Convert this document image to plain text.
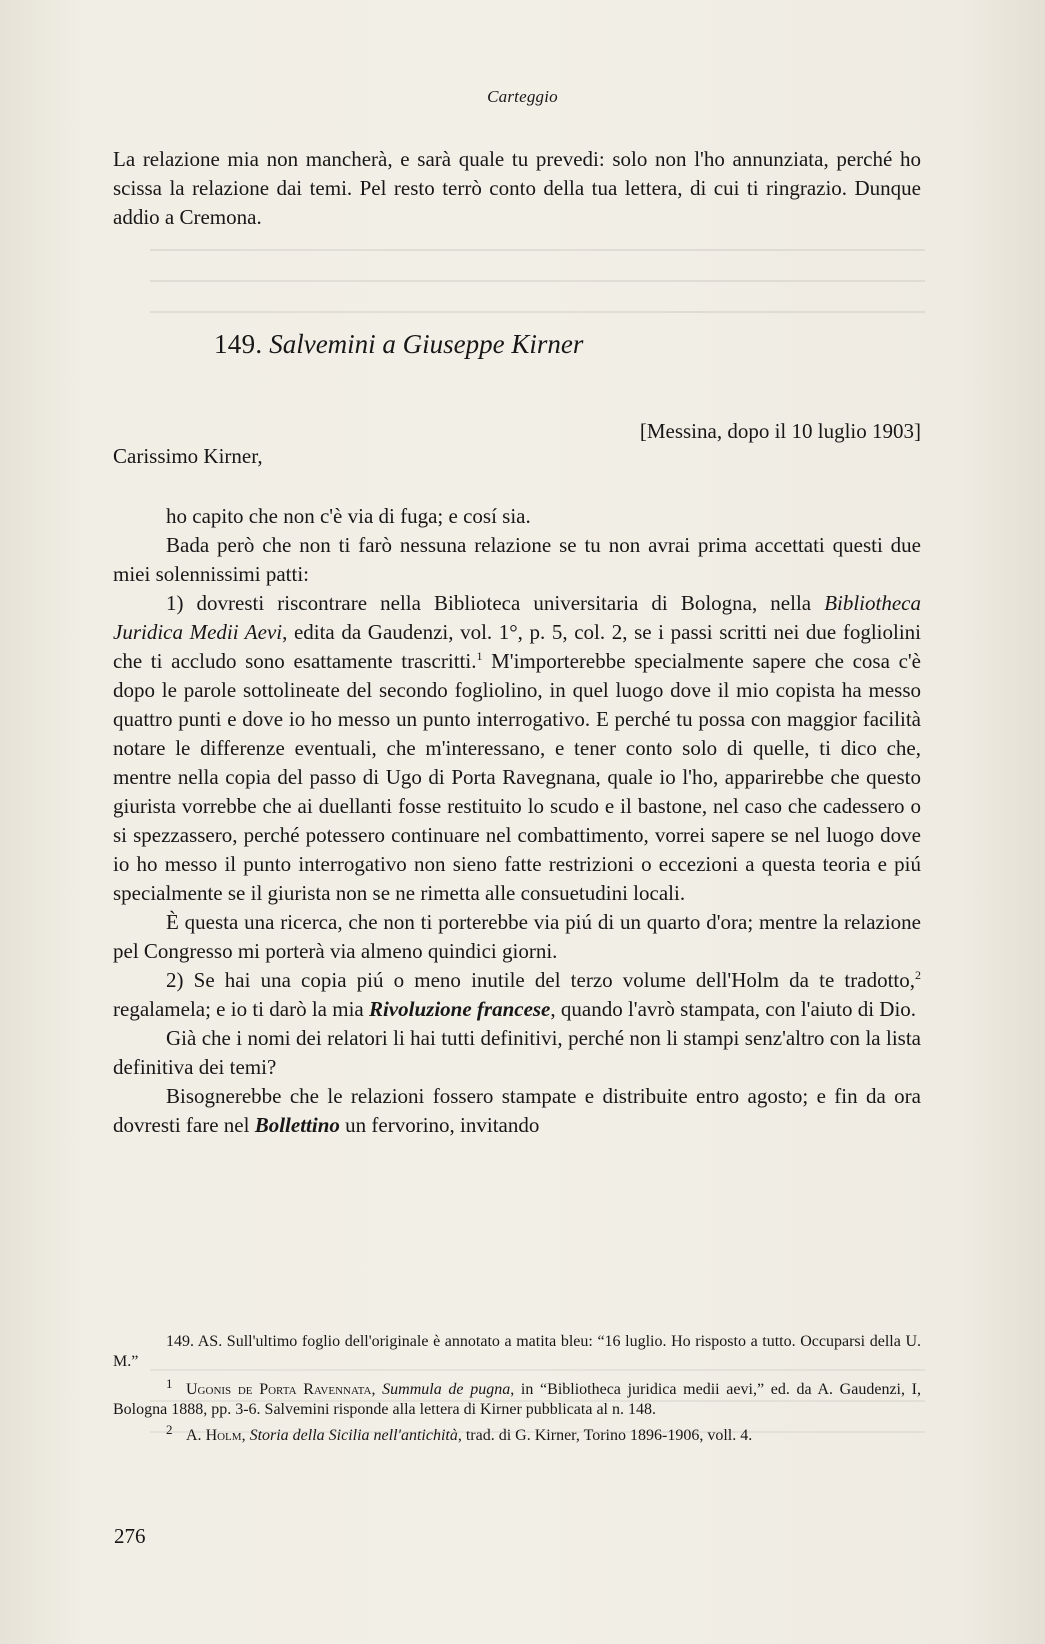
Carteggio

La relazione mia non mancherà, e sarà quale tu prevedi: solo non l'ho annunziata, perché ho scissa la relazione dai temi. Pel resto terrò conto della tua lettera, di cui ti ringrazio. Dunque addio a Cremona.

149. Salvemini a Giuseppe Kirner
[Messina, dopo il 10 luglio 1903]
Carissimo Kirner,

ho capito che non c'è via di fuga; e cosí sia.

Bada però che non ti farò nessuna relazione se tu non avrai prima accettati questi due miei solennissimi patti:

1) dovresti riscontrare nella Biblioteca universitaria di Bologna, nella Bibliotheca Juridica Medii Aevi, edita da Gaudenzi, vol. 1°, p. 5, col. 2, se i passi scritti nei due fogliolini che ti accludo sono esattamente trascritti.$^1$ M'importerebbe specialmente sapere che cosa c'è dopo le parole sottolineate del secondo fogliolino, in quel luogo dove il mio copista ha messo quattro punti e dove io ho messo un punto interrogativo. E perché tu possa con maggior facilità notare le differenze eventuali, che m'interessano, e tener conto solo di quelle, ti dico che, mentre nella copia del passo di Ugo di Porta Ravegnana, quale io l'ho, apparirebbe che questo giurista vorrebbe che ai duellanti fosse restituito lo scudo e il bastone, nel caso che cadessero o si spezzassero, perché potessero continuare nel combattimento, vorrei sapere se nel luogo dove io ho messo il punto interrogativo non sieno fatte restrizioni o eccezioni a questa teoria e piú specialmente se il giurista non se ne rimetta alle consuetudini locali.

È questa una ricerca, che non ti porterebbe via piú di un quarto d'ora; mentre la relazione pel Congresso mi porterà via almeno quindici giorni.

2) Se hai una copia piú o meno inutile del terzo volume dell'Holm da te tradotto,$^2$ regalamela; e io ti darò la mia Rivoluzione francese, quando l'avrò stampata, con l'aiuto di Dio.

Già che i nomi dei relatori li hai tutti definitivi, perché non li stampi senz'altro con la lista definitiva dei temi?

Bisognerebbe che le relazioni fossero stampate e distribuite entro agosto; e fin da ora dovresti fare nel Bollettino un fervorino, invitando

149. AS. Sull'ultimo foglio dell'originale è annotato a matita bleu: “16 luglio. Ho risposto a tutto. Occuparsi della U. M.”

1 Ugonis de Porta Ravennata, Summula de pugna, in “Bibliotheca juridica medii aevi,” ed. da A. Gaudenzi, I, Bologna 1888, pp. 3-6. Salvemini risponde alla lettera di Kirner pubblicata al n. 148.

2 A. Holm, Storia della Sicilia nell'antichità, trad. di G. Kirner, Torino 1896-1906, voll. 4.

276
